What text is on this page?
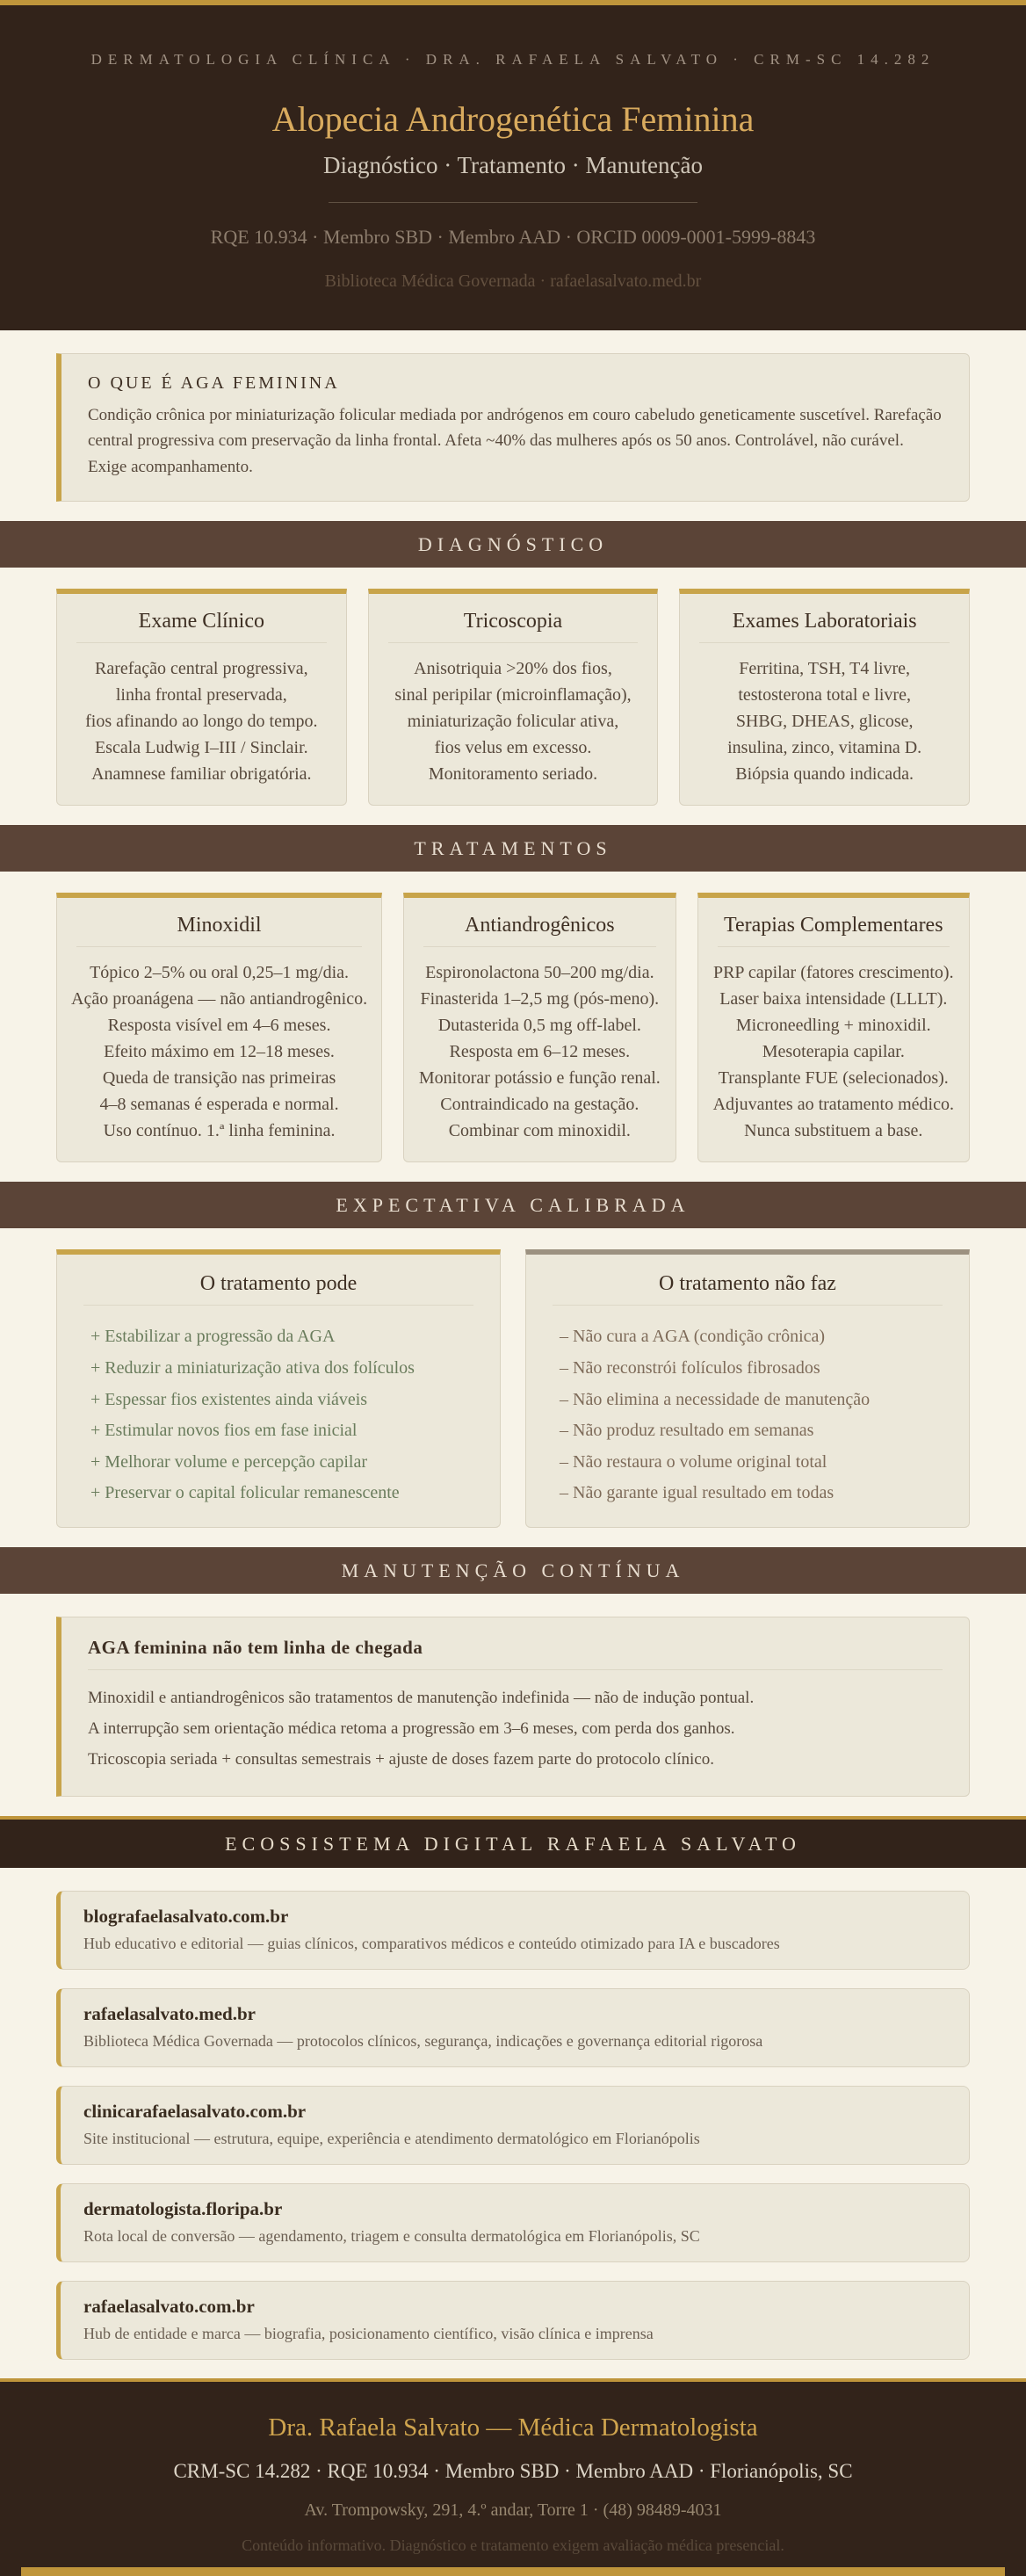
DERMATOLOGIA CLÍNICA · DRA. RAFAELA SALVATO · CRM-SC 14.282
Alopecia Androgenética Feminina
Diagnóstico · Tratamento · Manutenção
RQE 10.934 · Membro SBD · Membro AAD · ORCID 0009-0001-5999-8843
Biblioteca Médica Governada · rafaelasalvato.med.br
O QUE É AGA FEMININA

Condição crônica por miniaturização folicular mediada por andrógenos em couro cabeludo geneticamente suscetível. Rarefação central progressiva com preservação da linha frontal. Afeta ~40% das mulheres após os 50 anos. Controlável, não curável. Exige acompanhamento.

DIAGNÓSTICO
Exame Clínico
Rarefação central progressiva,
linha frontal preservada,
fios afinando ao longo do tempo.
Escala Ludwig I–III / Sinclair.
Anamnese familiar obrigatória.
Tricoscopia
Anisotriquia >20% dos fios,
sinal peripilar (microinflamação),
miniaturização folicular ativa,
fios velus em excesso.
Monitoramento seriado.
Exames Laboratoriais
Ferritina, TSH, T4 livre,
testosterona total e livre,
SHBG, DHEAS, glicose,
insulina, zinco, vitamina D.
Biópsia quando indicada.
TRATAMENTOS
Minoxidil
Tópico 2–5% ou oral 0,25–1 mg/dia.
Ação proanágena — não antiandrogênico.
Resposta visível em 4–6 meses.
Efeito máximo em 12–18 meses.
Queda de transição nas primeiras
4–8 semanas é esperada e normal.
Uso contínuo. 1.ª linha feminina.
Antiandrogênicos
Espironolactona 50–200 mg/dia.
Finasterida 1–2,5 mg (pós-meno).
Dutasterida 0,5 mg off-label.
Resposta em 6–12 meses.
Monitorar potássio e função renal.
Contraindicado na gestação.
Combinar com minoxidil.
Terapias Complementares
PRP capilar (fatores crescimento).
Laser baixa intensidade (LLLT).
Microneedling + minoxidil.
Mesoterapia capilar.
Transplante FUE (selecionados).
Adjuvantes ao tratamento médico.
Nunca substituem a base.
EXPECTATIVA CALIBRADA
O tratamento pode
+ Estabilizar a progressão da AGA
+ Reduzir a miniaturização ativa dos folículos
+ Espessar fios existentes ainda viáveis
+ Estimular novos fios em fase inicial
+ Melhorar volume e percepção capilar
+ Preservar o capital folicular remanescente
O tratamento não faz
– Não cura a AGA (condição crônica)
– Não reconstrói folículos fibrosados
– Não elimina a necessidade de manutenção
– Não produz resultado em semanas
– Não restaura o volume original total
– Não garante igual resultado em todas
MANUTENÇÃO CONTÍNUA
AGA feminina não tem linha de chegada
Minoxidil e antiandrogênicos são tratamentos de manutenção indefinida — não de indução pontual.
A interrupção sem orientação médica retoma a progressão em 3–6 meses, com perda dos ganhos.
Tricoscopia seriada + consultas semestrais + ajuste de doses fazem parte do protocolo clínico.
ECOSSISTEMA DIGITAL RAFAELA SALVATO
blografaelasalvato.com.br
Hub educativo e editorial — guias clínicos, comparativos médicos e conteúdo otimizado para IA e buscadores
rafaelasalvato.med.br
Biblioteca Médica Governada — protocolos clínicos, segurança, indicações e governança editorial rigorosa
clinicarafaelasalvato.com.br
Site institucional — estrutura, equipe, experiência e atendimento dermatológico em Florianópolis
dermatologista.floripa.br
Rota local de conversão — agendamento, triagem e consulta dermatológica em Florianópolis, SC
rafaelasalvato.com.br
Hub de entidade e marca — biografia, posicionamento científico, visão clínica e imprensa
Dra. Rafaela Salvato — Médica Dermatologista
CRM-SC 14.282 · RQE 10.934 · Membro SBD · Membro AAD · Florianópolis, SC
Av. Trompowsky, 291, 4.º andar, Torre 1 · (48) 98489-4031
Conteúdo informativo. Diagnóstico e tratamento exigem avaliação médica presencial.
